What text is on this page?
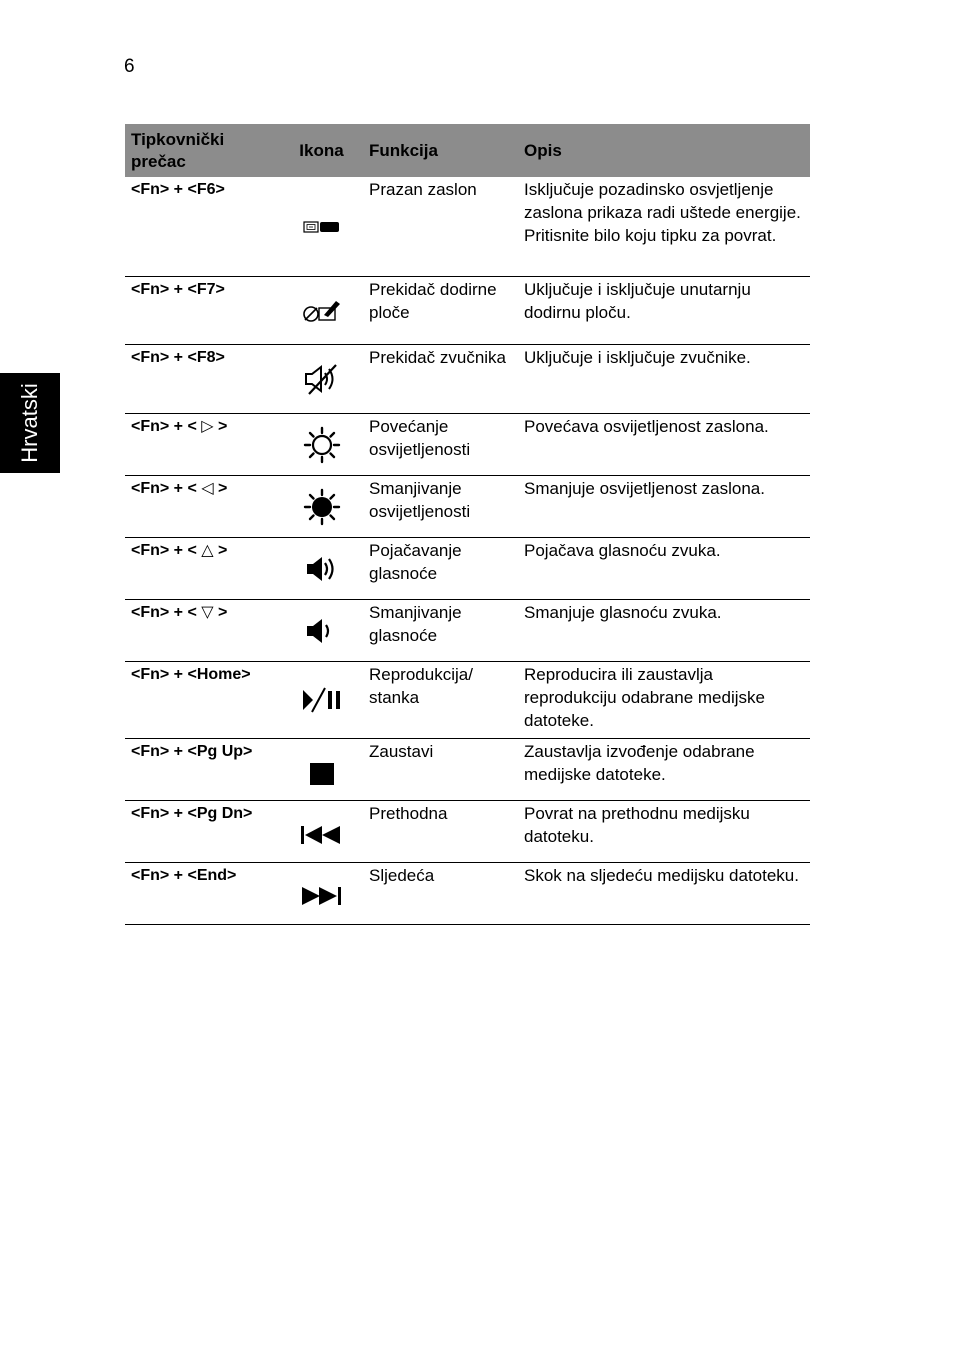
6
Hrvatski
Tipkovnički prečac	Ikona	Funkcija	Opis
<Fn> + <F6>		Prazan zaslon	Isključuje pozadinsko osvjetljenje zaslona prikaza radi uštede energije. Pritisnite bilo koju tipku za povrat.
<Fn> + <F7>		Prekidač dodirne ploče	Uključuje i isključuje unutarnju dodirnu ploču.
<Fn> + <F8>		Prekidač zvučnika	Uključuje i isključuje zvučnike.
<Fn> + < ▷ >		Povećanje osvijetljenosti	Povećava osvijetljenost zaslona.
<Fn> + < ◁ >		Smanjivanje osvijetljenosti	Smanjuje osvijetljenost zaslona.
<Fn> + < △ >		Pojačavanje glasnoće	Pojačava glasnoću zvuka.
<Fn> + < ▽ >		Smanjivanje glasnoće	Smanjuje glasnoću zvuka.
<Fn> + <Home>		Reprodukcija/ stanka	Reproducira ili zaustavlja reprodukciju odabrane medijske datoteke.
<Fn> + <Pg Up>		Zaustavi	Zaustavlja izvođenje odabrane medijske datoteke.
<Fn> + <Pg Dn>		Prethodna	Povrat na prethodnu medijsku datoteku.
<Fn> + <End>		Sljedeća	Skok na sljedeću medijsku datoteku.
